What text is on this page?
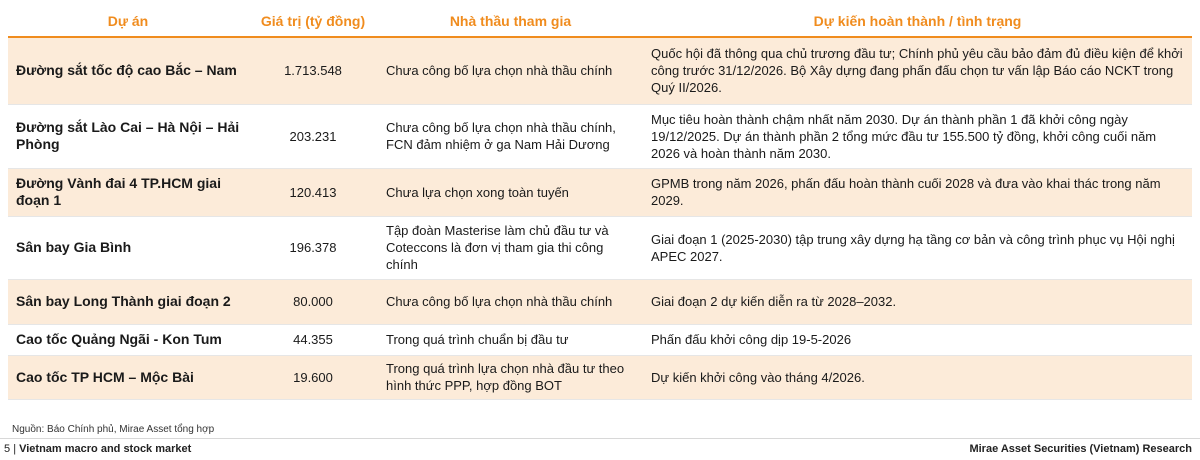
Dự án	Giá trị (tỷ đồng)	Nhà thầu tham gia	Dự kiến hoàn thành / tình trạng
Đường sắt tốc độ cao Bắc – Nam	1.713.548	Chưa công bố lựa chọn nhà thầu chính	Quốc hội đã thông qua chủ trương đầu tư; Chính phủ yêu cầu bảo đảm đủ điều kiện để khởi công trước 31/12/2026. Bộ Xây dựng đang phấn đấu chọn tư vấn lập Báo cáo NCKT trong Quý II/2026.
Đường sắt Lào Cai – Hà Nội – Hải Phòng	203.231	Chưa công bố lựa chọn nhà thầu chính, FCN đảm nhiệm ở ga Nam Hải Dương	Mục tiêu hoàn thành chậm nhất năm 2030. Dự án thành phần 1 đã khởi công ngày 19/12/2025. Dự án thành phần 2 tổng mức đầu tư 155.500 tỷ đồng, khởi công cuối năm 2026 và hoàn thành năm 2030.
Đường Vành đai 4 TP.HCM giai đoạn 1	120.413	Chưa lựa chọn xong toàn tuyến	GPMB trong năm 2026, phấn đấu hoàn thành cuối 2028 và đưa vào khai thác trong năm 2029.
Sân bay Gia Bình	196.378	Tập đoàn Masterise làm chủ đầu tư và Coteccons là đơn vị tham gia thi công chính	Giai đoạn 1 (2025-2030) tập trung xây dựng hạ tầng cơ bản và công trình phục vụ Hội nghị APEC 2027.
Sân bay Long Thành giai đoạn 2	80.000	Chưa công bố lựa chọn nhà thầu chính	Giai đoạn 2 dự kiến diễn ra từ 2028–2032.
Cao tốc Quảng Ngãi - Kon Tum	44.355	Trong quá trình chuẩn bị đầu tư	Phấn đấu khởi công dịp 19-5-2026
Cao tốc TP HCM – Mộc Bài	19.600	Trong quá trình lựa chọn nhà đầu tư theo hình thức PPP, hợp đồng BOT	Dự kiến khởi công vào tháng 4/2026.
Nguồn: Báo Chính phủ, Mirae Asset tổng hợp
5 | Vietnam macro and stock market	Mirae Asset Securities (Vietnam) Research
